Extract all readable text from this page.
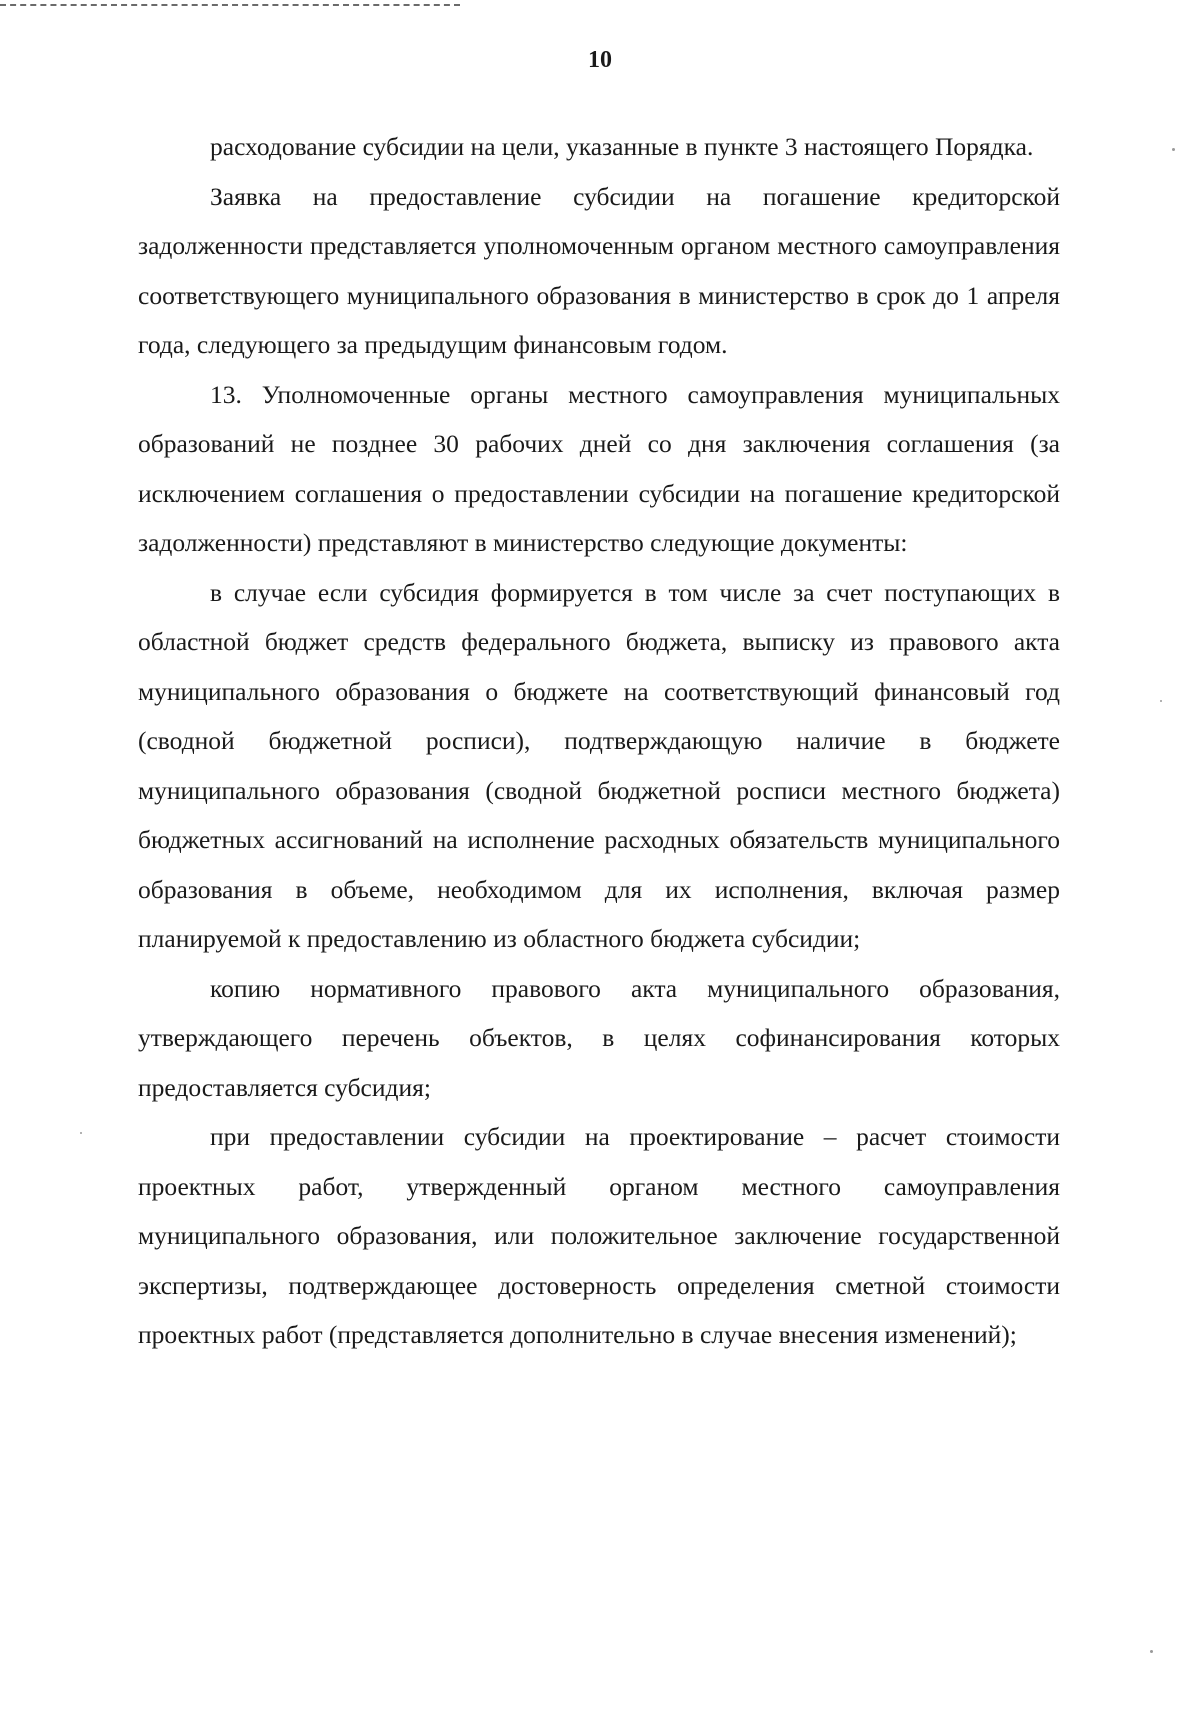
10

расходование субсидии на цели, указанные в пункте 3 настоящего Порядка.

Заявка на предоставление субсидии на погашение кредиторской задолженности представляется уполномоченным органом местного самоуправления соответствующего муниципального образования в министерство в срок до 1 апреля года, следующего за предыдущим финансовым годом.

13. Уполномоченные органы местного самоуправления муниципальных образований не позднее 30 рабочих дней со дня заключения соглашения (за исключением соглашения о предоставлении субсидии на погашение кредиторской задолженности) представляют в министерство следующие документы:

в случае если субсидия формируется в том числе за счет поступающих в областной бюджет средств федерального бюджета, выписку из правового акта муниципального образования о бюджете на соответствующий финансовый год (сводной бюджетной росписи), подтверждающую наличие в бюджете муниципального образования (сводной бюджетной росписи местного бюджета) бюджетных ассигнований на исполнение расходных обязательств муниципального образования в объеме, необходимом для их исполнения, включая размер планируемой к предоставлению из областного бюджета субсидии;

копию нормативного правового акта муниципального образования, утверждающего перечень объектов, в целях софинансирования которых предоставляется субсидия;

при предоставлении субсидии на проектирование – расчет стоимости проектных работ, утвержденный органом местного самоуправления муниципального образования, или положительное заключение государственной экспертизы, подтверждающее достоверность определения сметной стоимости проектных работ (представляется дополнительно в случае внесения изменений);
